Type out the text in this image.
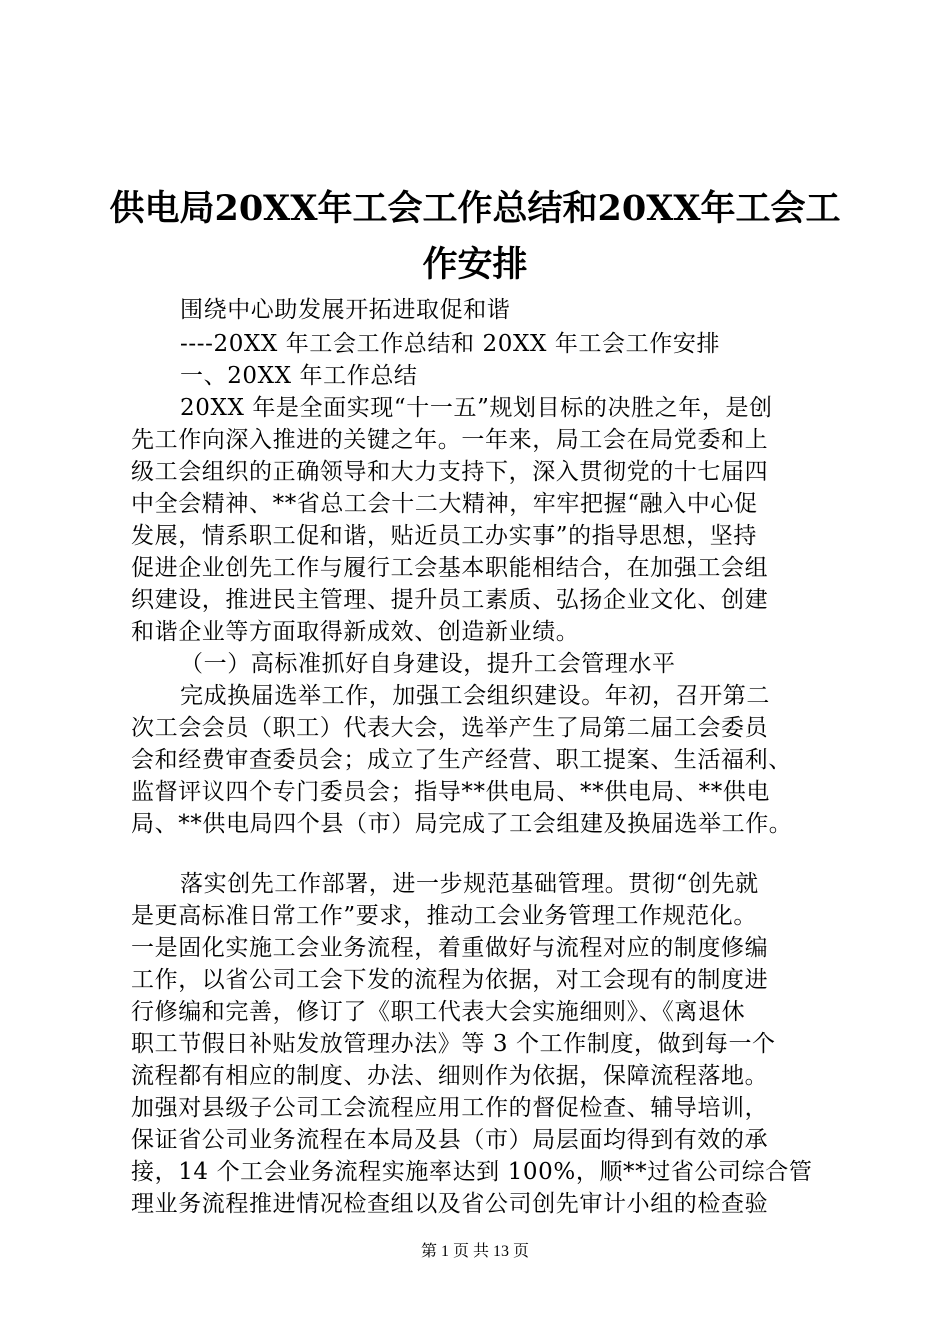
供电局20XX年工会工作总结和20XX年工会工
作安排
围绕中心助发展开拓进取促和谐
----20XX 年工会工作总结和 20XX 年工会工作安排
一、20XX 年工作总结
20XX 年是全面实现“十一五”规划目标的决胜之年，是创
先工作向深入推进的关键之年。一年来，局工会在局党委和上
级工会组织的正确领导和大力支持下，深入贯彻党的十七届四
中全会精神、**省总工会十二大精神，牢牢把握“融入中心促
发展，情系职工促和谐，贴近员工办实事”的指导思想，坚持
促进企业创先工作与履行工会基本职能相结合，在加强工会组
织建设，推进民主管理、提升员工素质、弘扬企业文化、创建
和谐企业等方面取得新成效、创造新业绩。
（一）高标准抓好自身建设，提升工会管理水平
完成换届选举工作，加强工会组织建设。年初，召开第二
次工会会员（职工）代表大会，选举产生了局第二届工会委员
会和经费审查委员会；成立了生产经营、职工提案、生活福利、
监督评议四个专门委员会；指导**供电局、**供电局、**供电
局、**供电局四个县（市）局完成了工会组建及换届选举工作。
落实创先工作部署，进一步规范基础管理。贯彻“创先就
是更高标准日常工作”要求，推动工会业务管理工作规范化。
一是固化实施工会业务流程，着重做好与流程对应的制度修编
工作，以省公司工会下发的流程为依据，对工会现有的制度进
行修编和完善，修订了《职工代表大会实施细则》、《离退休
职工节假日补贴发放管理办法》等 3 个工作制度，做到每一个
流程都有相应的制度、办法、细则作为依据，保障流程落地。
加强对县级子公司工会流程应用工作的督促检查、辅导培训，
保证省公司业务流程在本局及县（市）局层面均得到有效的承
接，14 个工会业务流程实施率达到 100%，顺**过省公司综合管
理业务流程推进情况检查组以及省公司创先审计小组的检查验
第 1 页 共 13 页
